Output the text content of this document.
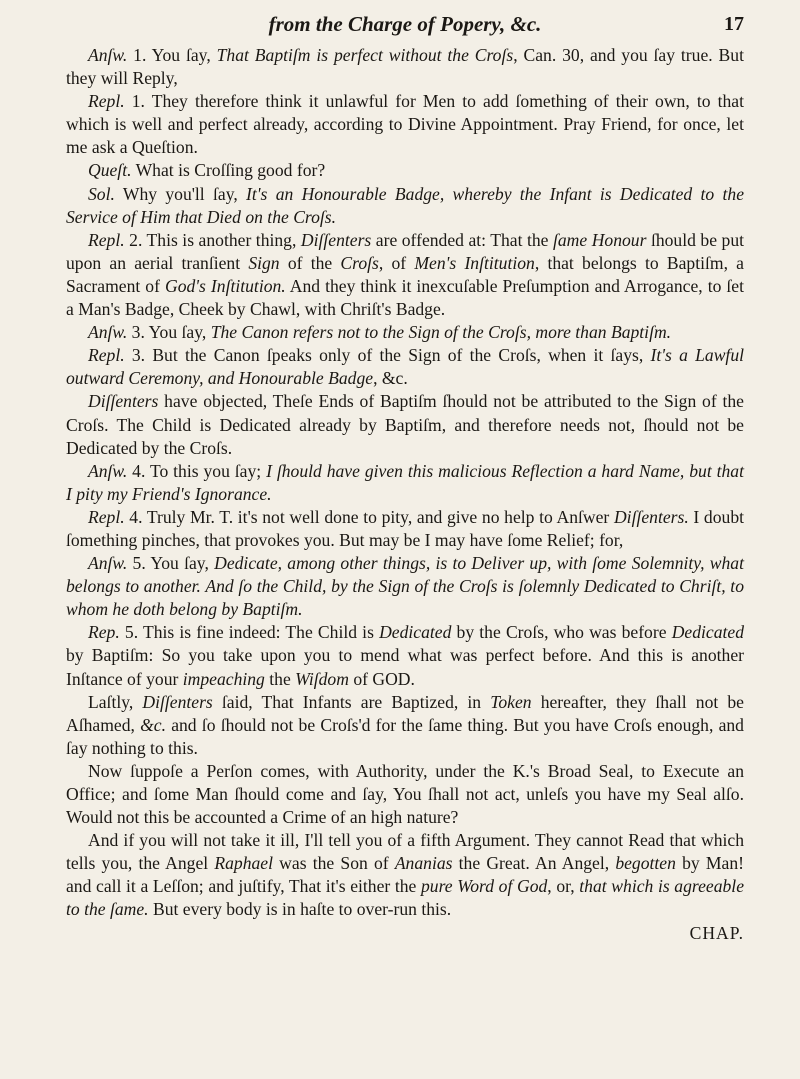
from the Charge of Popery, &c.	17

Anſw. 1. You ſay, That Baptiſm is perfect without the Croſs, Can. 30, and you ſay true. But they will Reply,

Repl. 1. They therefore think it unlawful for Men to add ſomething of their own, to that which is well and perfect already, according to Divine Appointment. Pray Friend, for once, let me ask a Queſtion.

Queſt. What is Croſſing good for?

Sol. Why you'll ſay, It's an Honourable Badge, whereby the Infant is Dedicated to the Service of Him that Died on the Croſs.

Repl. 2. This is another thing, Diſſenters are offended at: That the ſame Honour ſhould be put upon an aerial tranſient Sign of the Croſs, of Men's Inſtitution, that belongs to Baptiſm, a Sacrament of God's Inſtitution. And they think it inexcuſable Preſumption and Arrogance, to ſet a Man's Badge, Cheek by Chawl, with Chriſt's Badge.

Anſw. 3. You ſay, The Canon refers not to the Sign of the Croſs, more than Baptiſm.

Repl. 3. But the Canon ſpeaks only of the Sign of the Croſs, when it ſays, It's a Lawful outward Ceremony, and Honourable Badge, &c.

Diſſenters have objected, Theſe Ends of Baptiſm ſhould not be attributed to the Sign of the Croſs. The Child is Dedicated already by Baptiſm, and therefore needs not, ſhould not be Dedicated by the Croſs.

Anſw. 4. To this you ſay; I ſhould have given this malicious Reflection a hard Name, but that I pity my Friend's Ignorance.

Repl. 4. Truly Mr. T. it's not well done to pity, and give no help to Anſwer Diſſenters. I doubt ſomething pinches, that provokes you. But may be I may have ſome Relief; for,

Anſw. 5. You ſay, Dedicate, among other things, is to Deliver up, with ſome Solemnity, what belongs to another. And ſo the Child, by the Sign of the Croſs is ſolemnly Dedicated to Chriſt, to whom he doth belong by Baptiſm.

Rep. 5. This is fine indeed: The Child is Dedicated by the Croſs, who was before Dedicated by Baptiſm: So you take upon you to mend what was perfect before. And this is another Inſtance of your impeaching the Wiſdom of GOD.

Laſtly, Diſſenters ſaid, That Infants are Baptized, in Token hereafter, they ſhall not be Aſhamed, &c. and ſo ſhould not be Croſs'd for the ſame thing. But you have Croſs enough, and ſay nothing to this.

Now ſuppoſe a Perſon comes, with Authority, under the K.'s Broad Seal, to Execute an Office; and ſome Man ſhould come and ſay, You ſhall not act, unleſs you have my Seal alſo. Would not this be accounted a Crime of an high nature?

And if you will not take it ill, I'll tell you of a fifth Argument. They cannot Read that which tells you, the Angel Raphael was the Son of Ananias the Great. An Angel, begotten by Man! and call it a Leſſon; and juſtify, That it's either the pure Word of God, or, that which is agreeable to the ſame. But every body is in haſte to over-run this.

CHAP.
